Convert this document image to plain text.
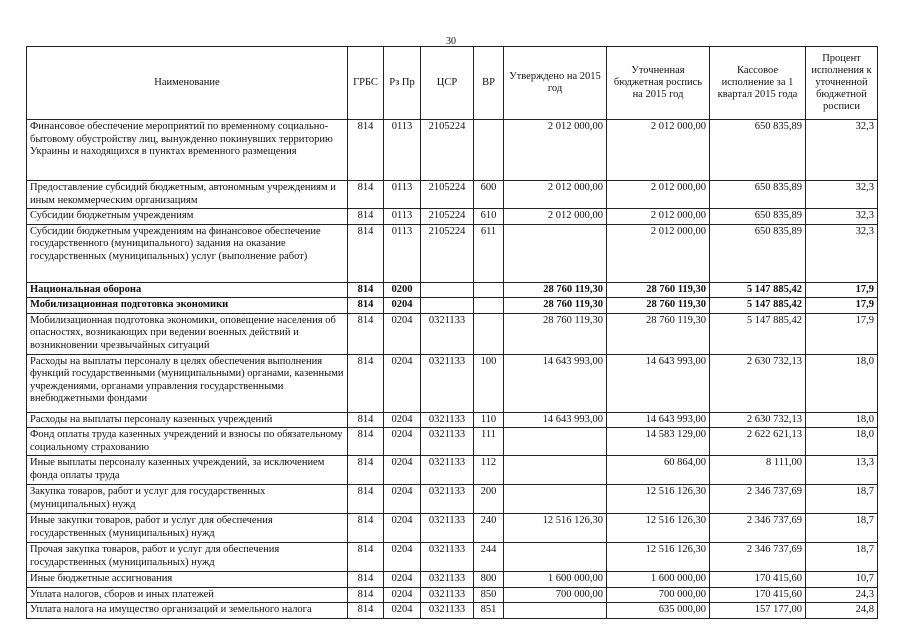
30
Наименование	ГРБС	Рз Пр	ЦСР	ВР	Утверждено на 2015 год	Уточненная бюджетная роспись на 2015 год	Кассовое исполнение за 1 квартал 2015 года	Процент исполнения к уточненной бюджетной росписи
Финансовое обеспечение мероприятий по временному социально-бытовому обустройству лиц, вынужденно покинувших территорию Украины и находящихся в пунктах временного размещения	814	0113	2105224		2 012 000,00	2 012 000,00	650 835,89	32,3
Предоставление субсидий бюджетным, автономным учреждениям и иным некоммерческим организациям	814	0113	2105224	600	2 012 000,00	2 012 000,00	650 835,89	32,3
Субсидии бюджетным учреждениям	814	0113	2105224	610	2 012 000,00	2 012 000,00	650 835,89	32,3
Субсидии бюджетным учреждениям на финансовое обеспечение государственного (муниципального) задания на оказание государственных (муниципальных) услуг (выполнение работ)	814	0113	2105224	611		2 012 000,00	650 835,89	32,3
Национальная оборона	814	0200			28 760 119,30	28 760 119,30	5 147 885,42	17,9
Мобилизационная подготовка экономики	814	0204			28 760 119,30	28 760 119,30	5 147 885,42	17,9
Мобилизационная подготовка экономики, оповещение населения об опасностях, возникающих при ведении военных действий и возникновении чрезвычайных ситуаций	814	0204	0321133		28 760 119,30	28 760 119,30	5 147 885,42	17,9
Расходы на выплаты персоналу в целях обеспечения выполнения функций государственными (муниципальными) органами, казенными учреждениями, органами управления государственными внебюджетными фондами	814	0204	0321133	100	14 643 993,00	14 643 993,00	2 630 732,13	18,0
Расходы на выплаты персоналу казенных учреждений	814	0204	0321133	110	14 643 993,00	14 643 993,00	2 630 732,13	18,0
Фонд оплаты труда казенных учреждений и взносы по обязательному социальному страхованию	814	0204	0321133	111		14 583 129,00	2 622 621,13	18,0
Иные выплаты персоналу казенных учреждений, за исключением фонда оплаты труда	814	0204	0321133	112		60 864,00	8 111,00	13,3
Закупка товаров, работ и услуг для государственных (муниципальных) нужд	814	0204	0321133	200		12 516 126,30	2 346 737,69	18,7
Иные закупки товаров, работ и услуг для обеспечения государственных (муниципальных) нужд	814	0204	0321133	240	12 516 126,30	12 516 126,30	2 346 737,69	18,7
Прочая закупка товаров, работ и услуг для обеспечения государственных (муниципальных) нужд	814	0204	0321133	244		12 516 126,30	2 346 737,69	18,7
Иные бюджетные ассигнования	814	0204	0321133	800	1 600 000,00	1 600 000,00	170 415,60	10,7
Уплата налогов, сборов и иных платежей	814	0204	0321133	850	700 000,00	700 000,00	170 415,60	24,3
Уплата налога на имущество организаций и земельного налога	814	0204	0321133	851		635 000,00	157 177,00	24,8
